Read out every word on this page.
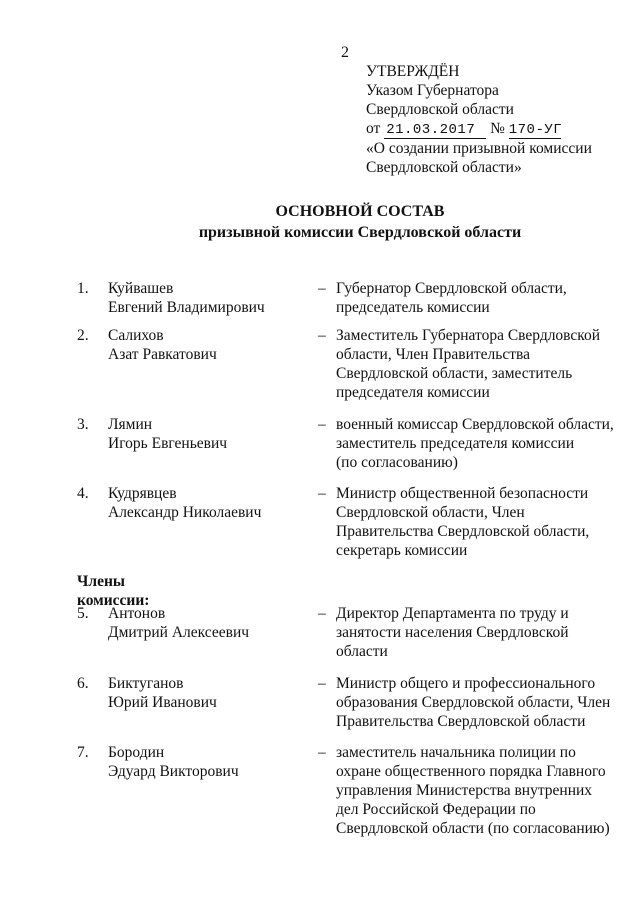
2
УТВЕРЖДЁН
Указом Губернатора
Свердловской области
от 21.03.2017 № 170-УГ
«О создании призывной комиссии
Свердловской области»
ОСНОВНОЙ СОСТАВ
призывной комиссии Свердловской области
1. Куйвашев
Евгений Владимирович
– Губернатор Свердловской области,
председатель комиссии
2. Салихов
Азат Равкатович
– Заместитель Губернатора Свердловской
области, Член Правительства
Свердловской области, заместитель
председателя комиссии
3. Лямин
Игорь Евгеньевич
– военный комиссар Свердловской области,
заместитель председателя комиссии
(по согласованию)
4. Кудрявцев
Александр Николаевич
– Министр общественной безопасности
Свердловской области, Член
Правительства Свердловской области,
секретарь комиссии
Члены комиссии:
5. Антонов
Дмитрий Алексеевич
– Директор Департамента по труду и
занятости населения Свердловской
области
6. Биктуганов
Юрий Иванович
– Министр общего и профессионального
образования Свердловской области, Член
Правительства Свердловской области
7. Бородин
Эдуард Викторович
– заместитель начальника полиции по
охране общественного порядка Главного
управления Министерства внутренних
дел Российской Федерации по
Свердловской области (по согласованию)
